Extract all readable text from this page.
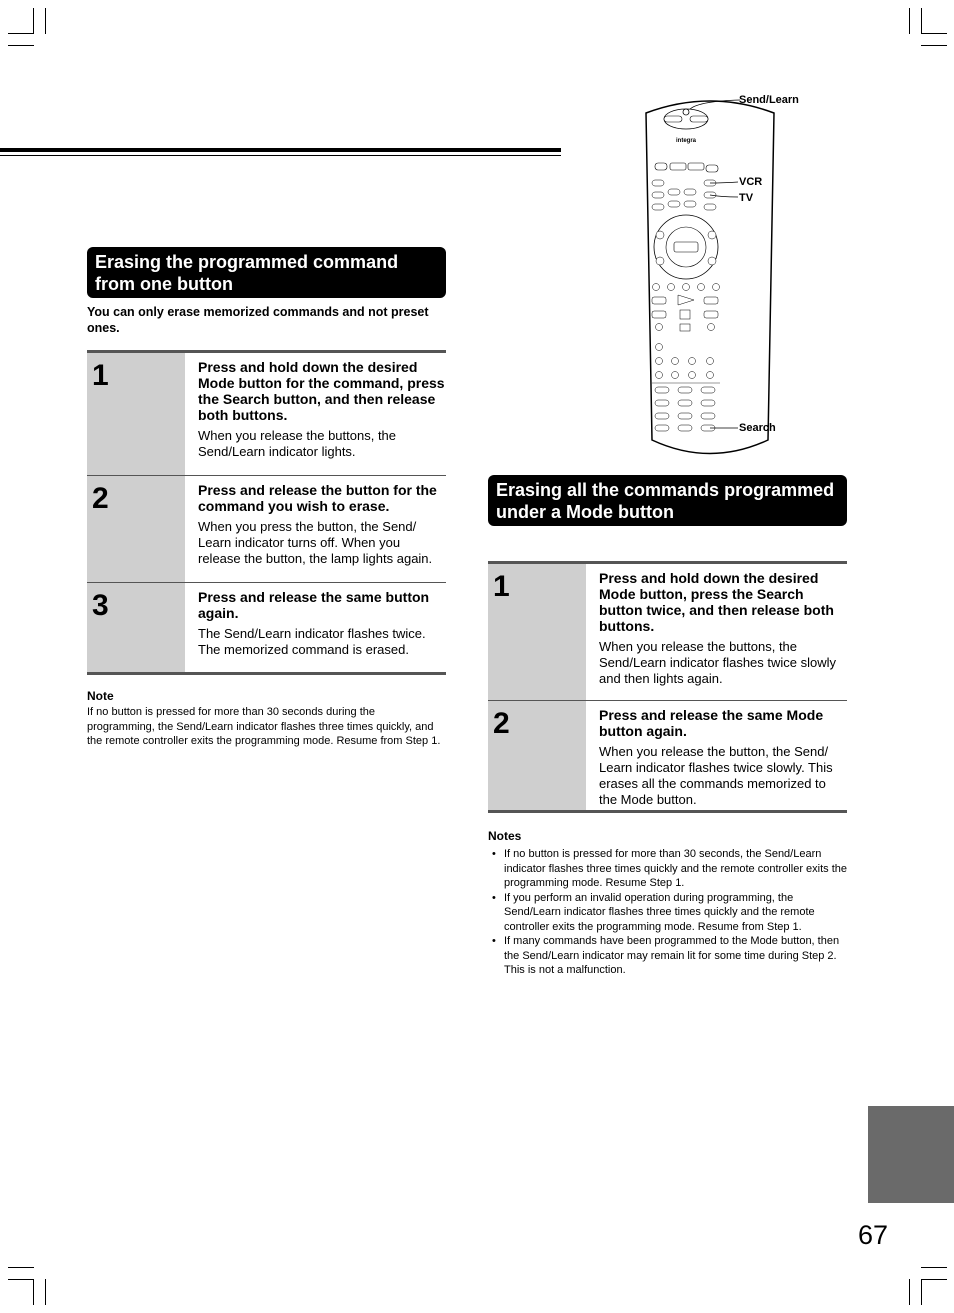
Erasing the programmed command from one button
You can only erase memorized commands and not preset ones.
1	Press and hold down the desired Mode button for the command, press the Search button, and then release both buttons.

When you release the buttons, the Send/Learn indicator lights.

2	Press and release the button for the command you wish to erase.

When you press the button, the Send/ Learn indicator turns off. When you release the button, the lamp lights again.

3	Press and release the same button again.

The Send/Learn indicator flashes twice. The memorized command is erased.

Note
If no button is pressed for more than 30 seconds during the programming, the Send/Learn indicator flashes three times quickly, and the remote controller exits the programming mode. Resume from Step 1.
integra
Send/Learn
VCR
TV
Search
Erasing all the commands programmed under a Mode button
1	Press and hold down the desired Mode button, press the Search button twice, and then release both buttons.

When you release the buttons, the Send/Learn indicator flashes twice slowly and then lights again.

2	Press and release the same Mode button again.

When you release the button, the Send/ Learn indicator flashes twice slowly. This erases all the commands memorized to the Mode button.

Notes
• If no button is pressed for more than 30 seconds, the Send/Learn indicator flashes three times quickly and the remote controller exits the programming mode. Resume Step 1.
• If you perform an invalid operation during programming, the Send/Learn indicator flashes three times quickly and the remote controller exits the programming mode. Resume from Step 1.
• If many commands have been programmed to the Mode button, then the Send/Learn indicator may remain lit for some time during Step 2. This is not a malfunction.
67
